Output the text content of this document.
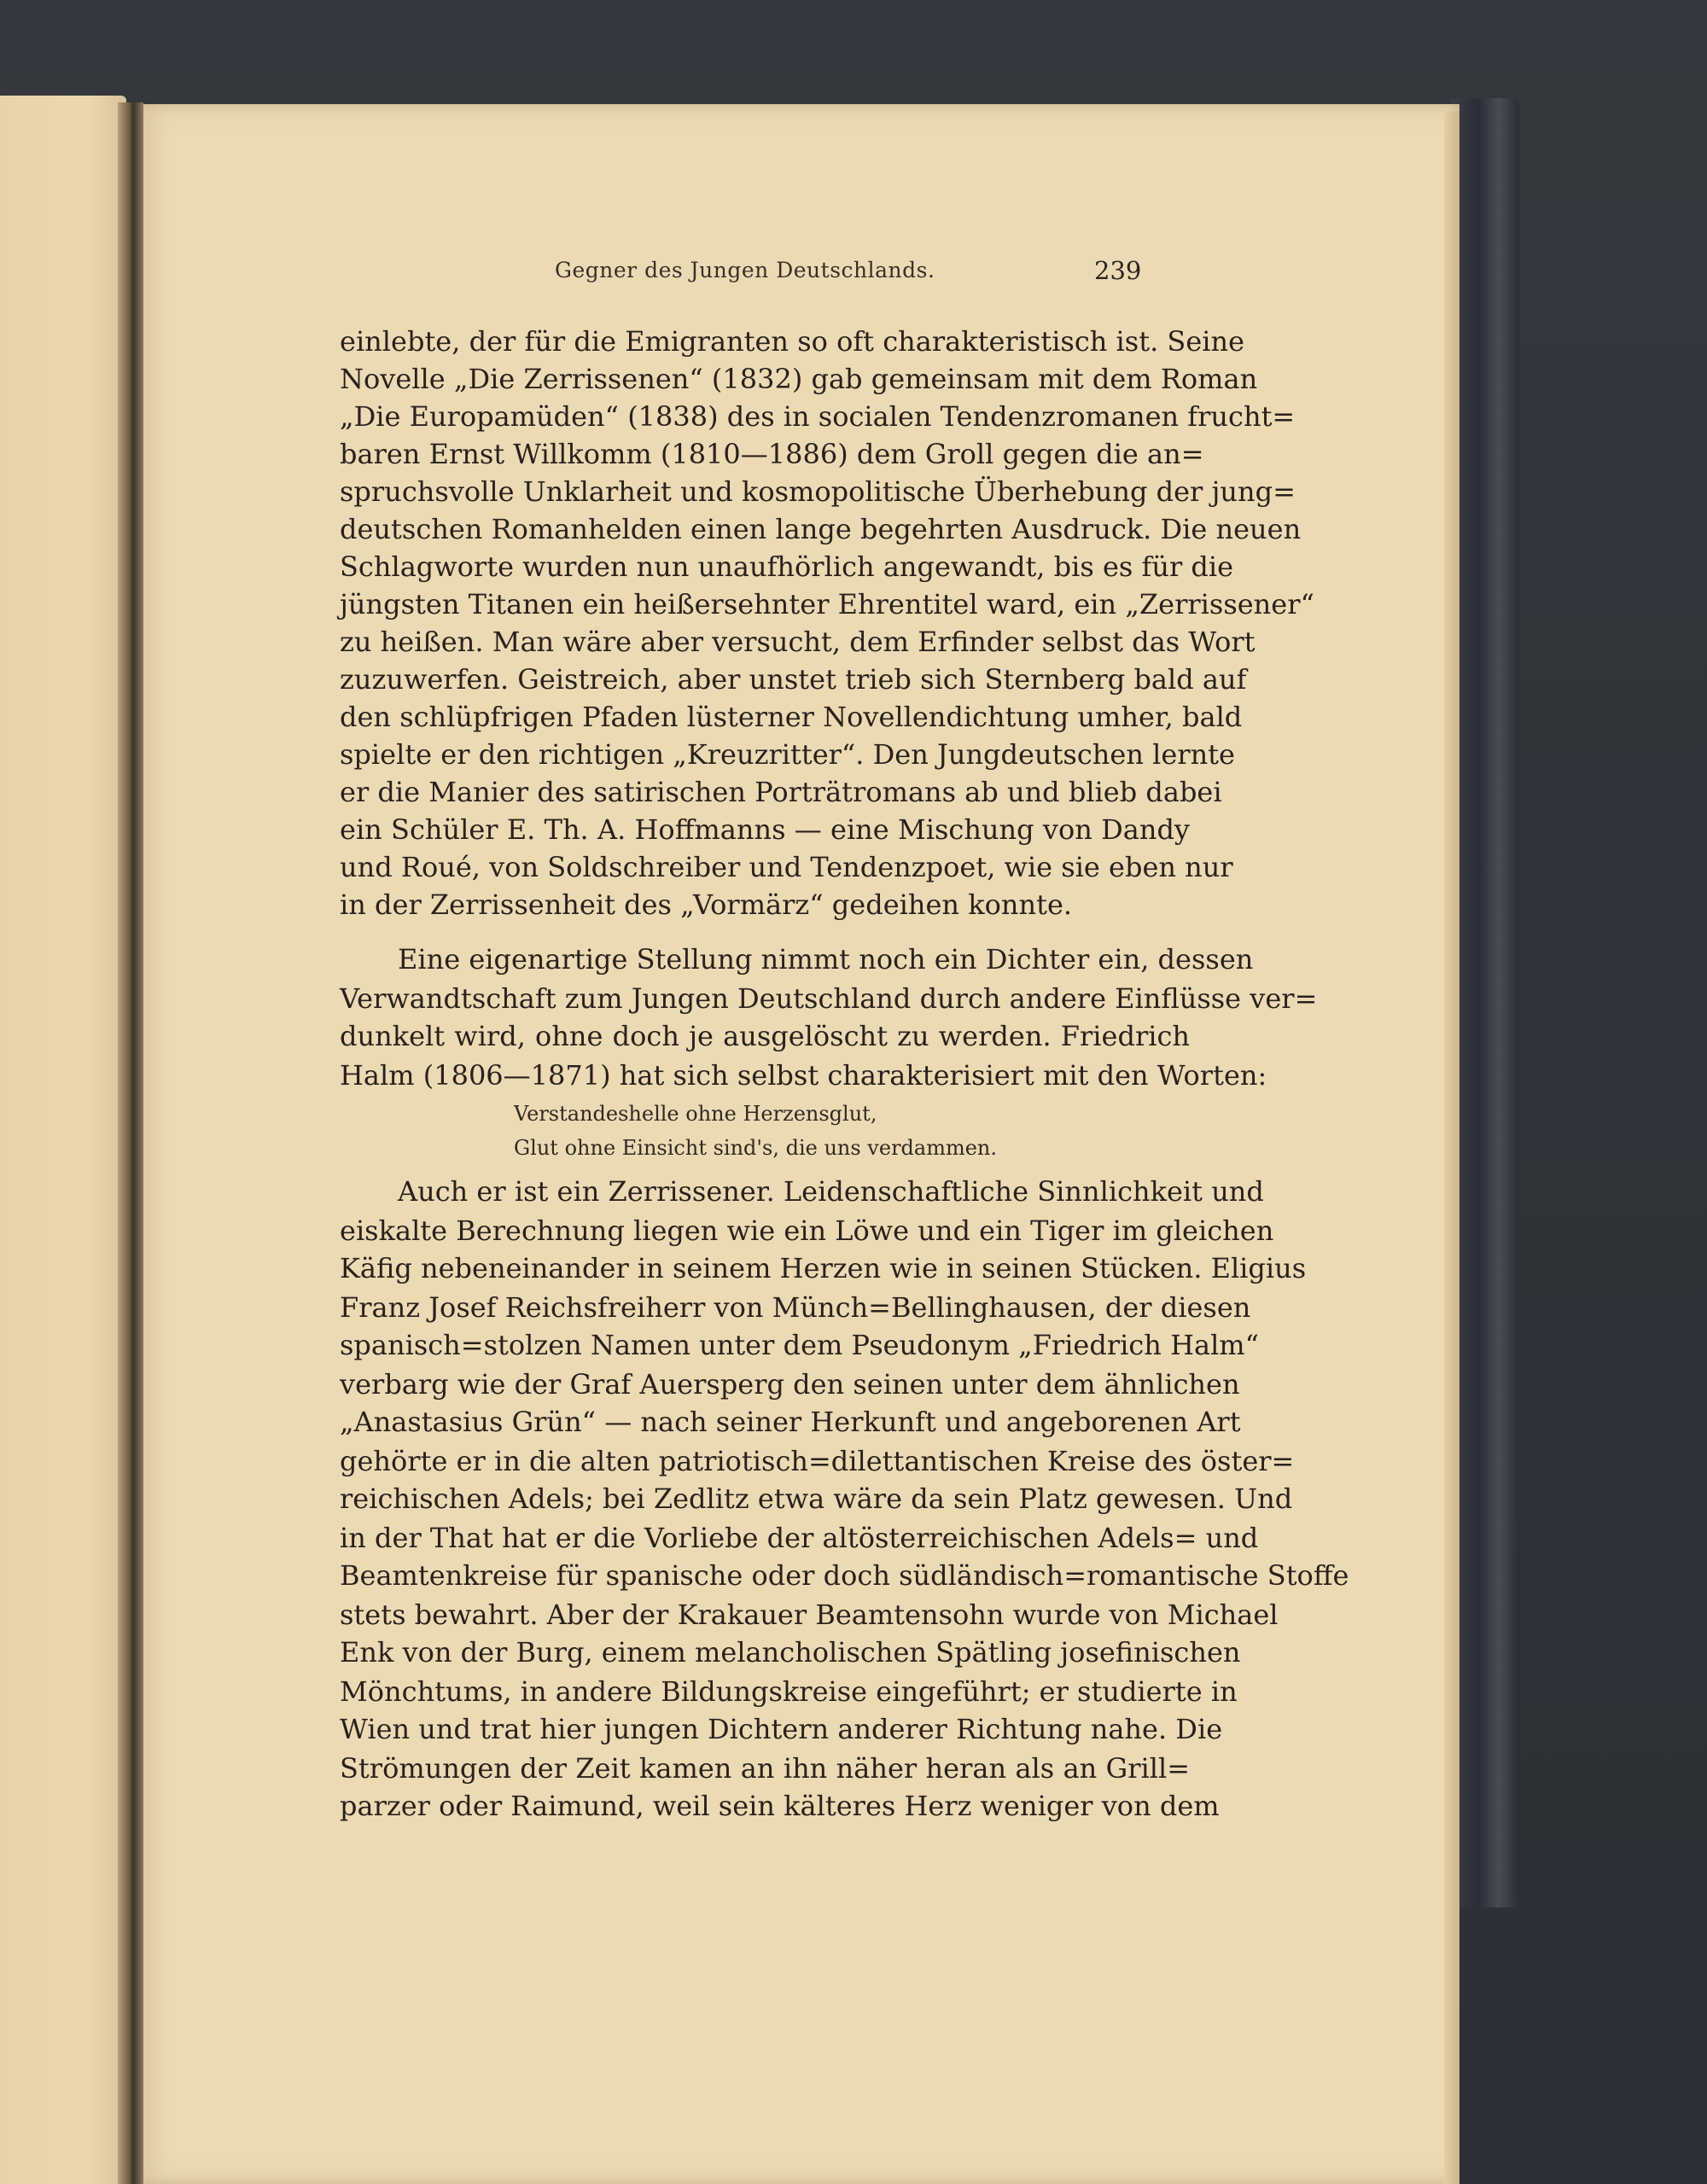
Gegner des Jungen Deutschlands.	239
einlebte, der für die Emigranten so oft charakteristisch ist. Seine
Novelle „Die Zerrissenen“ (1832) gab gemeinsam mit dem Roman
„Die Europamüden“ (1838) des in socialen Tendenzromanen frucht=
baren Ernst Willkomm (1810—1886) dem Groll gegen die an=
spruchsvolle Unklarheit und kosmopolitische Überhebung der jung=
deutschen Romanhelden einen lange begehrten Ausdruck. Die neuen
Schlagworte wurden nun unaufhörlich angewandt, bis es für die
jüngsten Titanen ein heißersehnter Ehrentitel ward, ein „Zerrissener“
zu heißen. Man wäre aber versucht, dem Erfinder selbst das Wort
zuzuwerfen. Geistreich, aber unstet trieb sich Sternberg bald auf
den schlüpfrigen Pfaden lüsterner Novellendichtung umher, bald
spielte er den richtigen „Kreuzritter“. Den Jungdeutschen lernte
er die Manier des satirischen Porträtromans ab und blieb dabei
ein Schüler E. Th. A. Hoffmanns — eine Mischung von Dandy
und Roué, von Soldschreiber und Tendenzpoet, wie sie eben nur
in der Zerrissenheit des „Vormärz“ gedeihen konnte.
Eine eigenartige Stellung nimmt noch ein Dichter ein, dessen
Verwandtschaft zum Jungen Deutschland durch andere Einflüsse ver=
dunkelt wird, ohne doch je ausgelöscht zu werden. Friedrich
Halm (1806—1871) hat sich selbst charakterisiert mit den Worten:
Verstandeshelle ohne Herzensglut,
Glut ohne Einsicht sind's, die uns verdammen.
Auch er ist ein Zerrissener. Leidenschaftliche Sinnlichkeit und
eiskalte Berechnung liegen wie ein Löwe und ein Tiger im gleichen
Käfig nebeneinander in seinem Herzen wie in seinen Stücken. Eligius
Franz Josef Reichsfreiherr von Münch=Bellinghausen, der diesen
spanisch=stolzen Namen unter dem Pseudonym „Friedrich Halm“
verbarg wie der Graf Auersperg den seinen unter dem ähnlichen
„Anastasius Grün“ — nach seiner Herkunft und angeborenen Art
gehörte er in die alten patriotisch=dilettantischen Kreise des öster=
reichischen Adels; bei Zedlitz etwa wäre da sein Platz gewesen. Und
in der That hat er die Vorliebe der altösterreichischen Adels= und
Beamtenkreise für spanische oder doch südländisch=romantische Stoffe
stets bewahrt. Aber der Krakauer Beamtensohn wurde von Michael
Enk von der Burg, einem melancholischen Spätling josefinischen
Mönchtums, in andere Bildungskreise eingeführt; er studierte in
Wien und trat hier jungen Dichtern anderer Richtung nahe. Die
Strömungen der Zeit kamen an ihn näher heran als an Grill=
parzer oder Raimund, weil sein kälteres Herz weniger von dem
